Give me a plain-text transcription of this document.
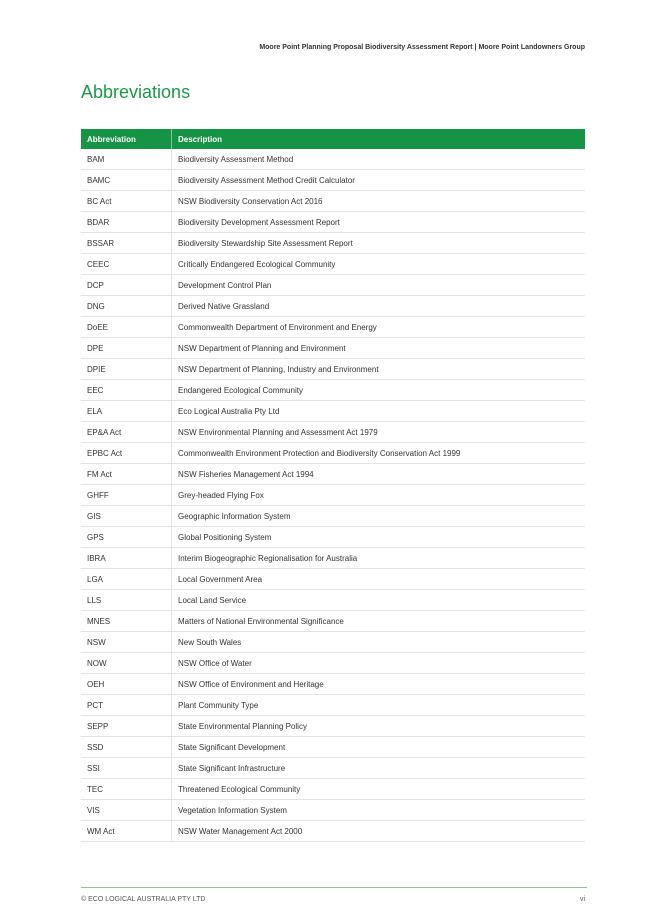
Moore Point Planning Proposal Biodiversity Assessment Report | Moore Point Landowners Group
Abbreviations
Abbreviation	Description
BAM	Biodiversity Assessment Method
BAMC	Biodiversity Assessment Method Credit Calculator
BC Act	NSW Biodiversity Conservation Act 2016
BDAR	Biodiversity Development Assessment Report
BSSAR	Biodiversity Stewardship Site Assessment Report
CEEC	Critically Endangered Ecological Community
DCP	Development Control Plan
DNG	Derived Native Grassland
DoEE	Commonwealth Department of Environment and Energy
DPE	NSW Department of Planning and Environment
DPIE	NSW Department of Planning, Industry and Environment
EEC	Endangered Ecological Community
ELA	Eco Logical Australia Pty Ltd
EP&A Act	NSW Environmental Planning and Assessment Act 1979
EPBC Act	Commonwealth Environment Protection and Biodiversity Conservation Act 1999
FM Act	NSW Fisheries Management Act 1994
GHFF	Grey-headed Flying Fox
GIS	Geographic Information System
GPS	Global Positioning System
IBRA	Interim Biogeographic Regionalisation for Australia
LGA	Local Government Area
LLS	Local Land Service
MNES	Matters of National Environmental Significance
NSW	New South Wales
NOW	NSW Office of Water
OEH	NSW Office of Environment and Heritage
PCT	Plant Community Type
SEPP	State Environmental Planning Policy
SSD	State Significant Development
SSI	State Significant Infrastructure
TEC	Threatened Ecological Community
VIS	Vegetation Information System
WM Act	NSW Water Management Act 2000
© ECO LOGICAL AUSTRALIA PTY LTD	vi
